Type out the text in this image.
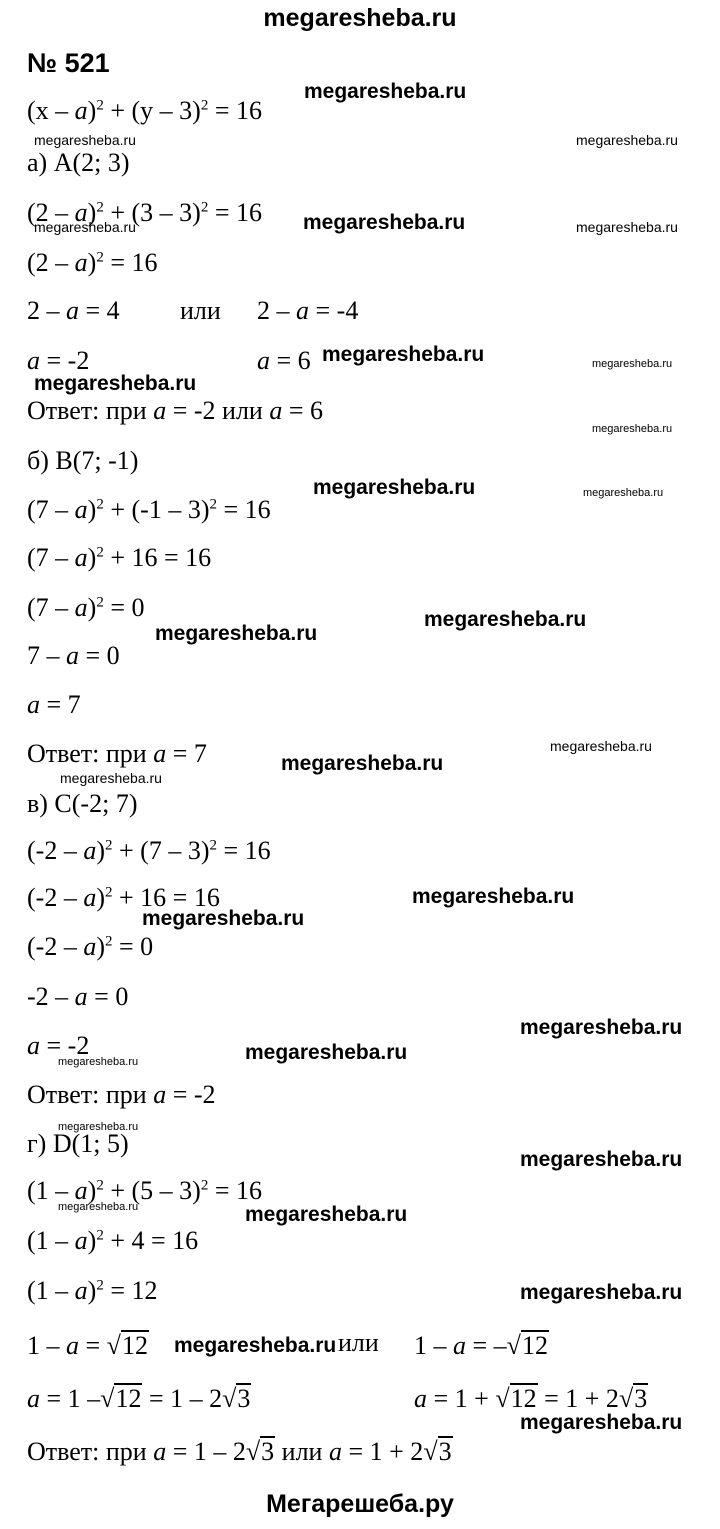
megaresheba.ru
№ 521
(x – a)$^2$ + (y – 3)$^2$ = 16
а) A(2; 3)
(2 – a)$^2$ + (3 – 3)$^2$ = 16
(2 – a)$^2$ = 16
2 – a = 4 или 2 – a = -4
a = -2	a = 6
Ответ: при a = -2 или a = 6
б) B(7; -1)
(7 – a)$^2$ + (-1 – 3)$^2$ = 16
(7 – a)$^2$ + 16 = 16
(7 – a)$^2$ = 0
7 – a = 0
a = 7
Ответ: при a = 7
в) C(-2; 7)
(-2 – a)$^2$ + (7 – 3)$^2$ = 16
(-2 – a)$^2$ + 16 = 16
(-2 – a)$^2$ = 0
-2 – a = 0
a = -2
Ответ: при a = -2
г) D(1; 5)
(1 – a)$^2$ + (5 – 3)$^2$ = 16
(1 – a)$^2$ + 4 = 16
(1 – a)$^2$ = 12
1 – a = √12	или 1 – a = –√12
a = 1 –√12 = 1 – 2√3	a = 1 + √12 = 1 + 2√3
Ответ: при a = 1 – 2√3 или a = 1 + 2√3
megaresheba.ru
megaresheba.ru	megaresheba.ru
megaresheba.ru	megaresheba.ru
megaresheba.ru
megaresheba.ru	megaresheba.ru
megaresheba.ru
megaresheba.ru
megaresheba.ru	megaresheba.ru
megaresheba.ru
megaresheba.ru
megaresheba.ru
megaresheba.ru
megaresheba.ru
megaresheba.ru
megaresheba.ru
megaresheba.ru
megaresheba.ru
megaresheba.ru
megaresheba.ru
megaresheba.ru
megaresheba.ru
megaresheba.ru
megaresheba.ru
megaresheba.ru
megaresheba.ru
Мегарешеба.ру
